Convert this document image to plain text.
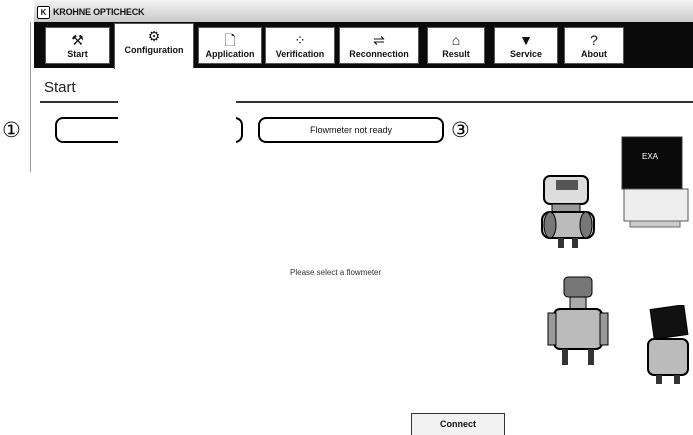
K KROHNE OPTICHECK
⚒
Start
⚙
Configuration
🗋
Application
⁘
Verification
⇌
Reconnection
⌂
Result
▼
Service
?
About
Start
①	③
Flowmeter not ready
Please select a flowmeter
EXA
Connect
